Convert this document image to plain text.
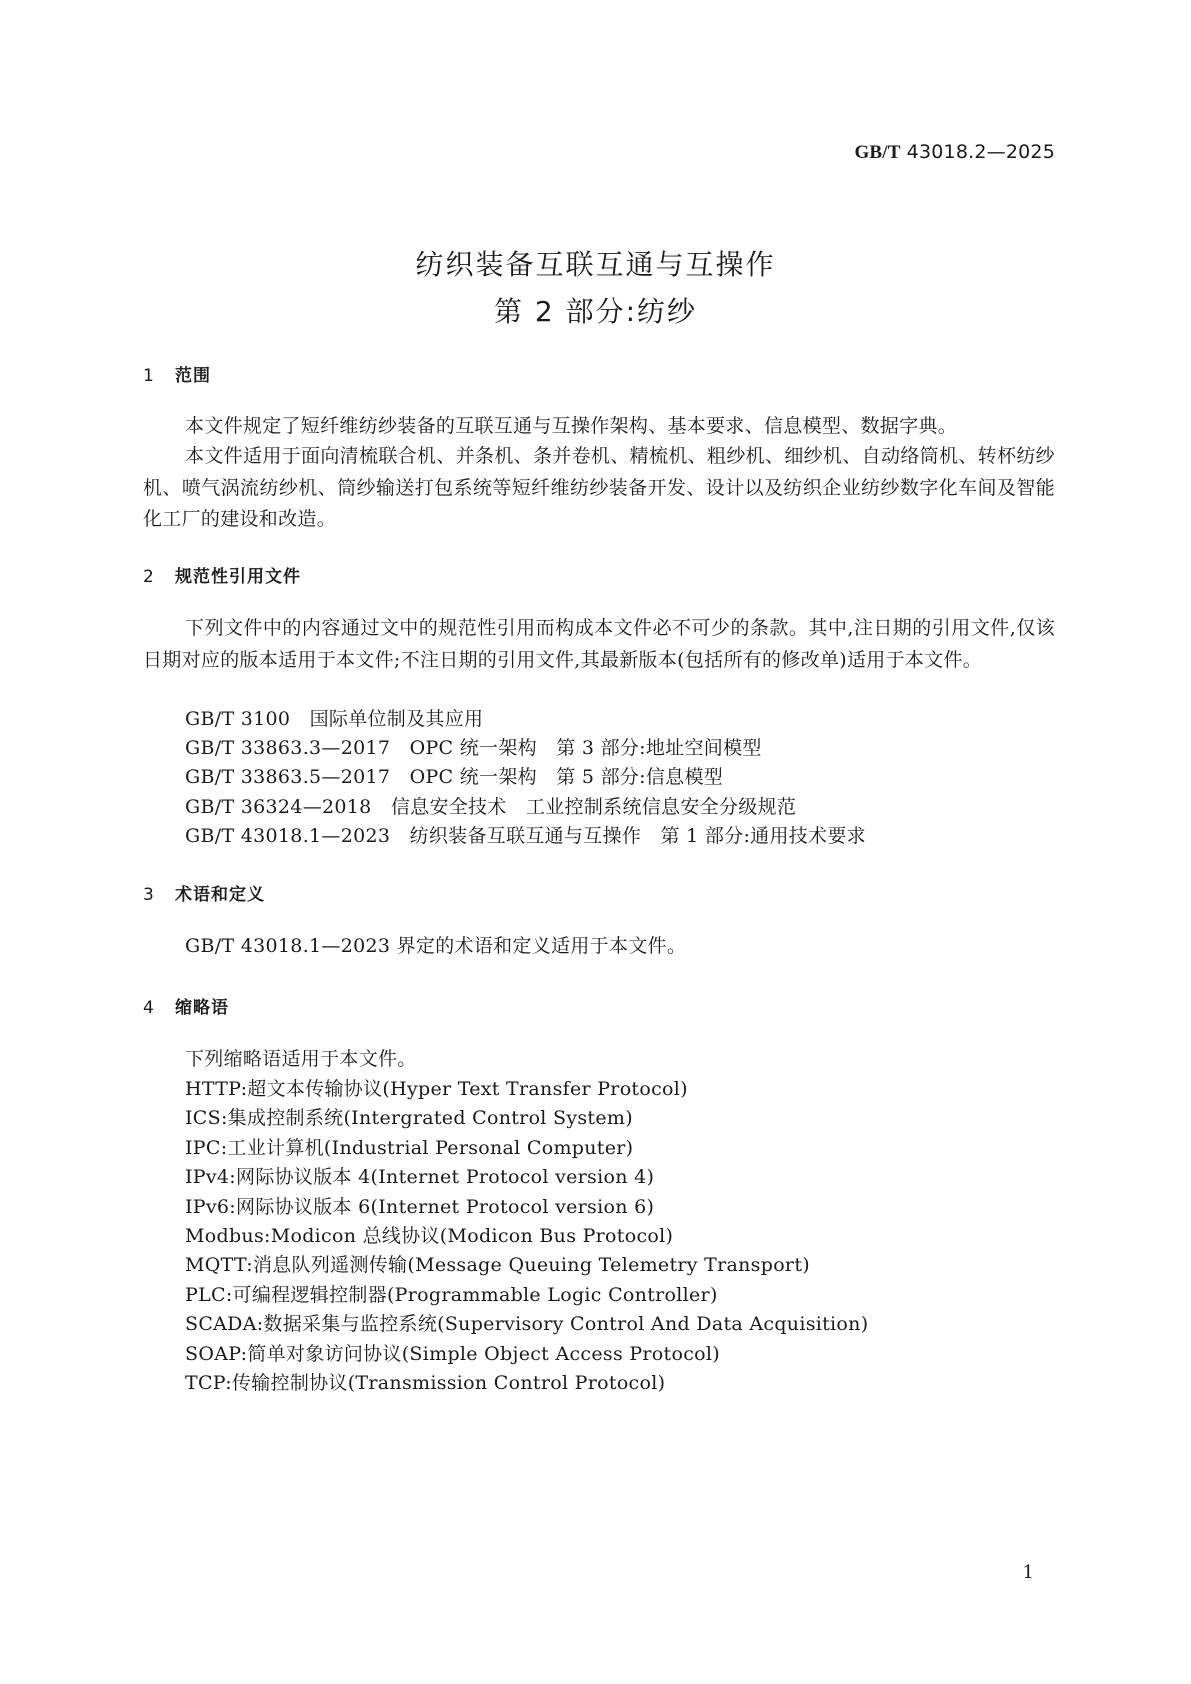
GB/T 43018.2—2025
纺织装备互联互通与互操作
第 2 部分:纺纱
1 范围
本文件规定了短纤维纺纱装备的互联互通与互操作架构、基本要求、信息模型、数据字典。
本文件适用于面向清梳联合机、并条机、条并卷机、精梳机、粗纱机、细纱机、自动络筒机、转杯纺纱机、喷气涡流纺纱机、筒纱输送打包系统等短纤维纺纱装备开发、设计以及纺织企业纺纱数字化车间及智能化工厂的建设和改造。
2 规范性引用文件
下列文件中的内容通过文中的规范性引用而构成本文件必不可少的条款。其中,注日期的引用文件,仅该日期对应的版本适用于本文件;不注日期的引用文件,其最新版本(包括所有的修改单)适用于本文件。
GB/T 3100　国际单位制及其应用
GB/T 33863.3—2017　OPC 统一架构　第 3 部分:地址空间模型
GB/T 33863.5—2017　OPC 统一架构　第 5 部分:信息模型
GB/T 36324—2018　信息安全技术　工业控制系统信息安全分级规范
GB/T 43018.1—2023　纺织装备互联互通与互操作　第 1 部分:通用技术要求
3 术语和定义
GB/T 43018.1—2023 界定的术语和定义适用于本文件。
4 缩略语
下列缩略语适用于本文件。
HTTP:超文本传输协议(Hyper Text Transfer Protocol)
ICS:集成控制系统(Intergrated Control System)
IPC:工业计算机(Industrial Personal Computer)
IPv4:网际协议版本 4(Internet Protocol version 4)
IPv6:网际协议版本 6(Internet Protocol version 6)
Modbus:Modicon 总线协议(Modicon Bus Protocol)
MQTT:消息队列遥测传输(Message Queuing Telemetry Transport)
PLC:可编程逻辑控制器(Programmable Logic Controller)
SCADA:数据采集与监控系统(Supervisory Control And Data Acquisition)
SOAP:简单对象访问协议(Simple Object Access Protocol)
TCP:传输控制协议(Transmission Control Protocol)
1
